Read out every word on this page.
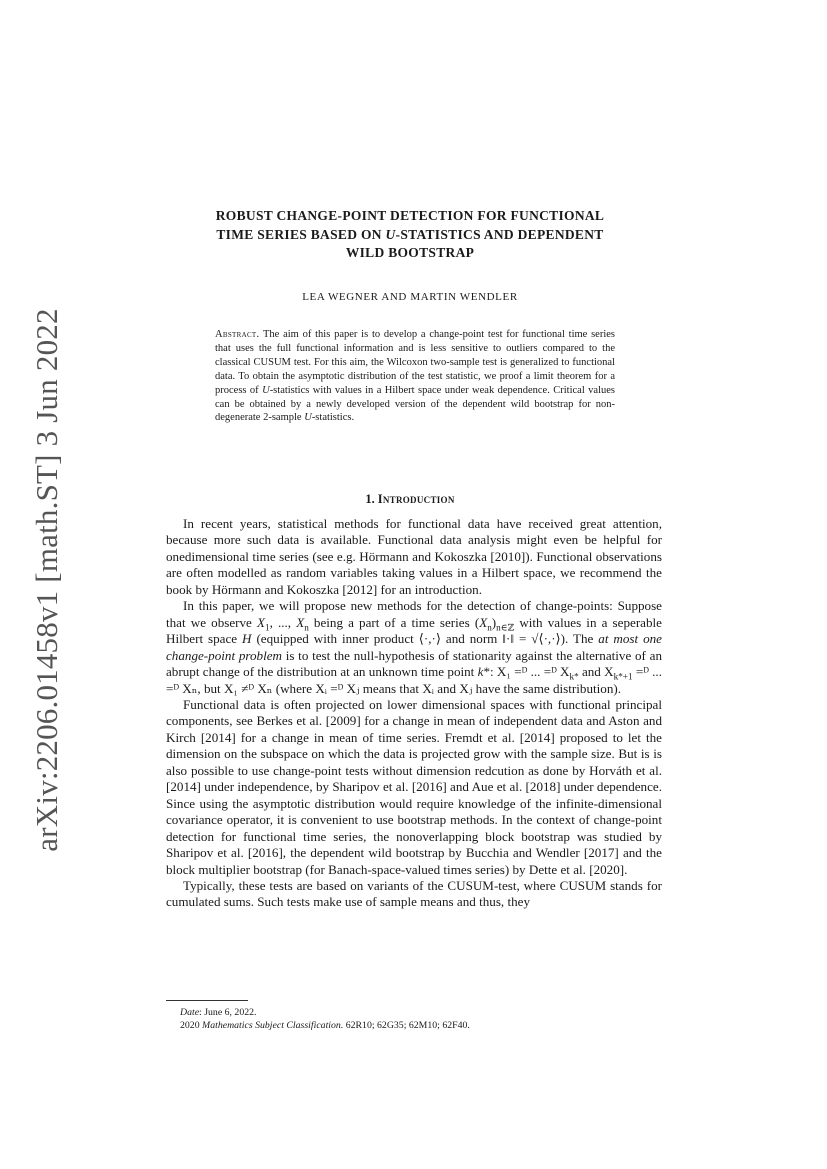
arXiv:2206.01458v1 [math.ST] 3 Jun 2022
ROBUST CHANGE-POINT DETECTION FOR FUNCTIONAL
TIME SERIES BASED ON U-STATISTICS AND DEPENDENT
WILD BOOTSTRAP

LEA WEGNER AND MARTIN WENDLER

Abstract. The aim of this paper is to develop a change-point test for functional time series that uses the full functional information and is less sensitive to outliers compared to the classical CUSUM test. For this aim, the Wilcoxon two-sample test is generalized to functional data. To obtain the asymptotic distribution of the test statistic, we proof a limit theorem for a process of U-statistics with values in a Hilbert space under weak dependence. Critical values can be obtained by a newly developed version of the dependent wild bootstrap for non-degenerate 2-sample U-statistics.

1. Introduction

In recent years, statistical methods for functional data have received great attention, because more such data is available. Functional data analysis might even be helpful for onedimensional time series (see e.g. Hörmann and Kokoszka [2010]). Functional observations are often modelled as random variables taking values in a Hilbert space, we recommend the book by Hörmann and Kokoszka [2012] for an introduction.

In this paper, we will propose new methods for the detection of change-points: Suppose that we observe $X_1$, ..., $X_n$ being a part of a time series $(X_n)_{n\in ℤ}$ with values in a seperable Hilbert space H (equipped with inner product ⟨·,·⟩ and norm ‖·‖ = √⟨·,·⟩). The at most one change-point problem is to test the null-hypothesis of stationarity against the alternative of an abrupt change of the distribution at an unknown time point k*: X₁ =ᴰ ... =ᴰ $X_{k*}$ and $X_{k*+1}$ =ᴰ ... =ᴰ Xₙ, but X₁ ≠ᴰ Xₙ (where Xᵢ =ᴰ Xⱼ means that Xᵢ and Xⱼ have the same distribution).

Functional data is often projected on lower dimensional spaces with functional principal components, see Berkes et al. [2009] for a change in mean of independent data and Aston and Kirch [2014] for a change in mean of time series. Fremdt et al. [2014] proposed to let the dimension on the subspace on which the data is projected grow with the sample size. But is is also possible to use change-point tests without dimension redcution as done by Horváth et al. [2014] under independence, by Sharipov et al. [2016] and Aue et al. [2018] under dependence. Since using the asymptotic distribution would require knowledge of the infinite-dimensional covariance operator, it is convenient to use bootstrap methods. In the context of change-point detection for functional time series, the nonoverlapping block bootstrap was studied by Sharipov et al. [2016], the dependent wild bootstrap by Bucchia and Wendler [2017] and the block multiplier bootstrap (for Banach-space-valued times series) by Dette et al. [2020].

Typically, these tests are based on variants of the CUSUM-test, where CUSUM stands for cumulated sums. Such tests make use of sample means and thus, they

Date: June 6, 2022.
2020 Mathematics Subject Classification. 62R10; 62G35; 62M10; 62F40.
